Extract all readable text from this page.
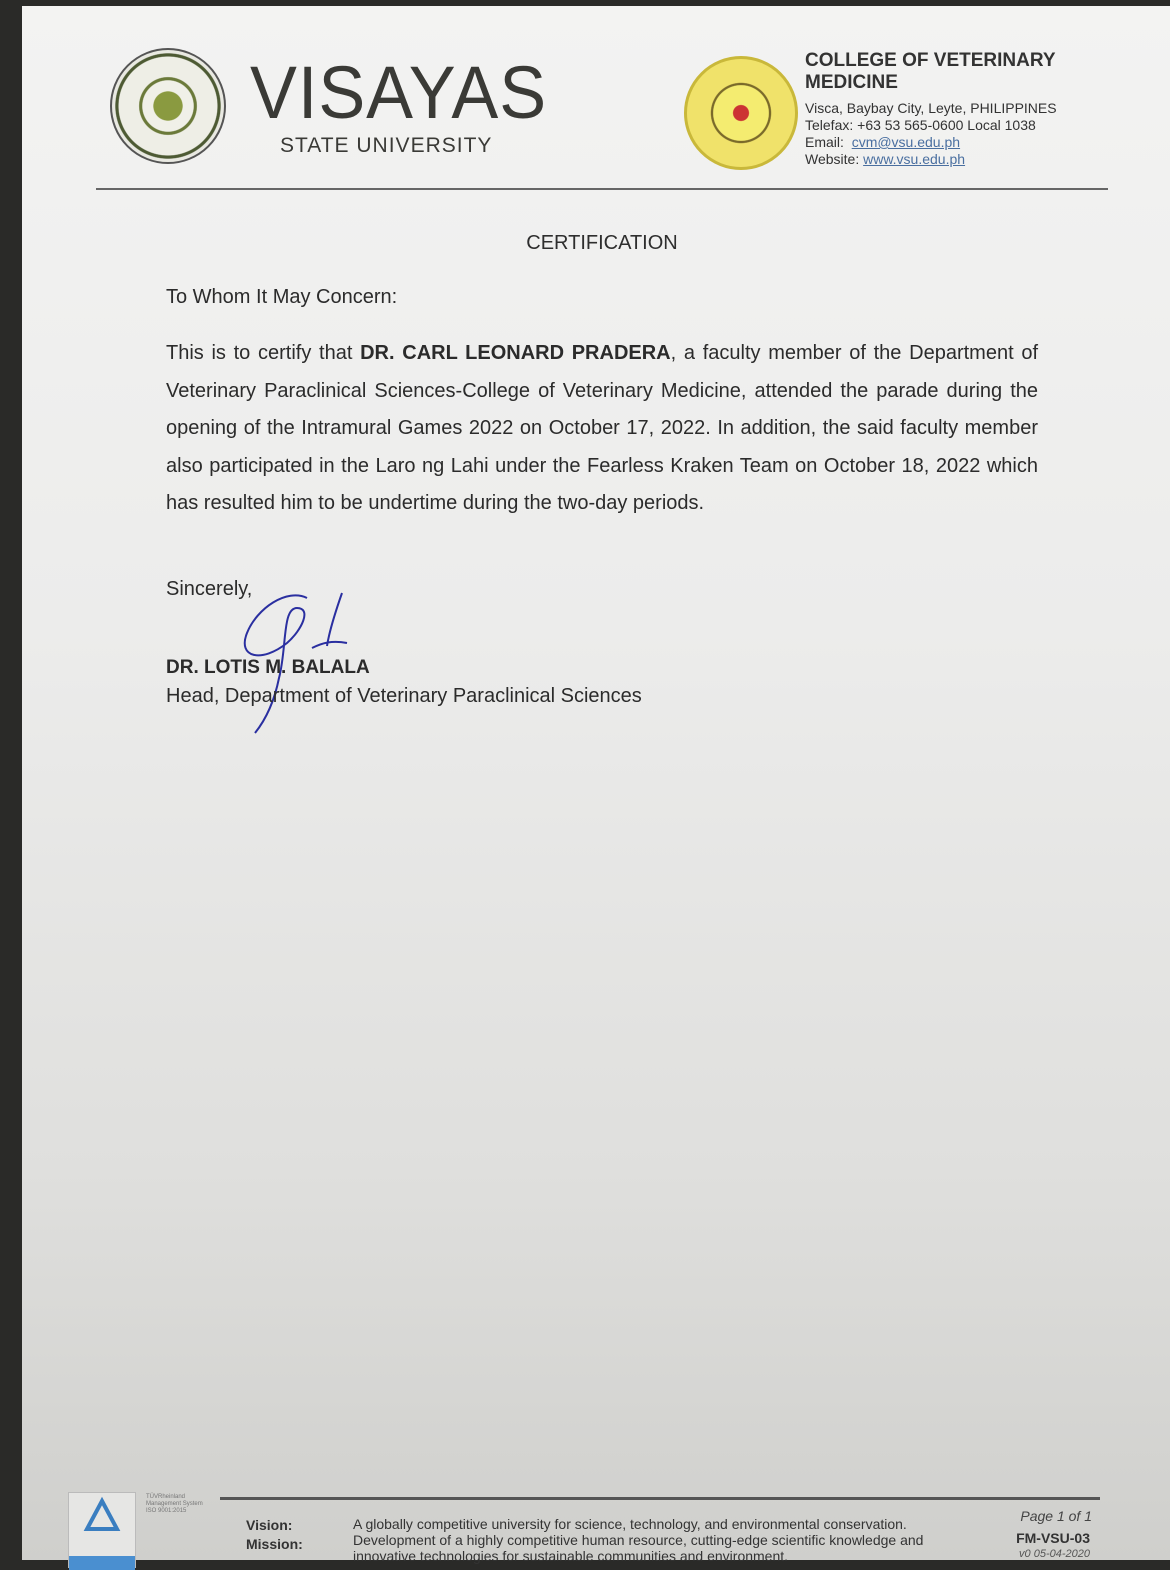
VISAYAS
STATE UNIVERSITY
COLLEGE OF VETERINARY MEDICINE
Visca, Baybay City, Leyte, PHILIPPINES
Telefax: +63 53 565-0600 Local 1038
Email: cvm@vsu.edu.ph
Website: www.vsu.edu.ph
CERTIFICATION
To Whom It May Concern:
This is to certify that DR. CARL LEONARD PRADERA, a faculty member of the Department of Veterinary Paraclinical Sciences-College of Veterinary Medicine, attended the parade during the opening of the Intramural Games 2022 on October 17, 2022. In addition, the said faculty member also participated in the Laro ng Lahi under the Fearless Kraken Team on October 18, 2022 which has resulted him to be undertime during the two-day periods.
Sincerely,
DR. LOTIS M. BALALA
Head, Department of Veterinary Paraclinical Sciences
TÜVRheinland Management System ISO 9001:2015
Vision:
Mission:
A globally competitive university for science, technology, and environmental conservation.
Development of a highly competitive human resource, cutting-edge scientific knowledge and innovative technologies for sustainable communities and environment.
Page 1 of 1
FM-VSU-03
v0 05-04-2020
